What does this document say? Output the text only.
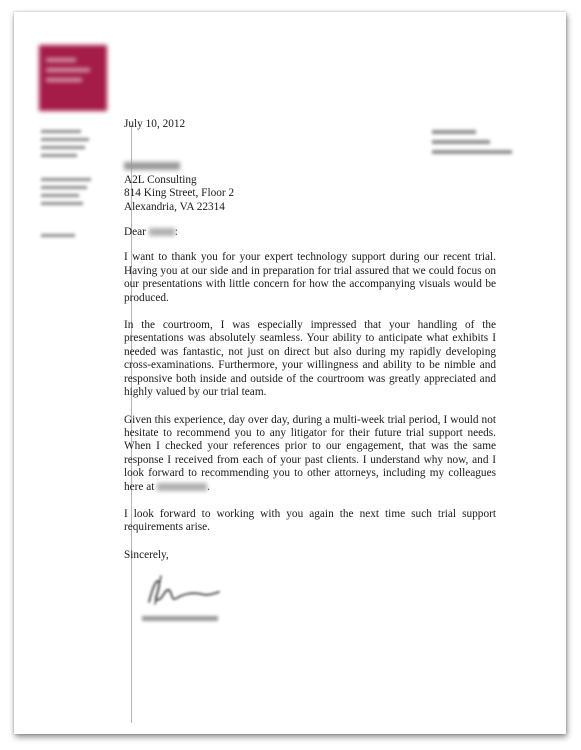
July 10, 2012
A2L Consulting
814 King Street, Floor 2
Alexandria, VA 22314
Dear	:

I want to thank you for your expert technology support during our recent trial. Having you at our side and in preparation for trial assured that we could focus on our presentations with little concern for how the accompanying visuals would be produced.

In the courtroom, I was especially impressed that your handling of the presentations was absolutely seamless. Your ability to anticipate what exhibits I needed was fantastic, not just on direct but also during my rapidly developing cross-examinations. Furthermore, your willingness and ability to be nimble and responsive both inside and outside of the courtroom was greatly appreciated and highly valued by our trial team.

Given this experience, day over day, during a multi-week trial period, I would not hesitate to recommend you to any litigator for their future trial support needs. When I checked your references prior to our engagement, that was the same response I received from each of your past clients. I understand why now, and I look forward to recommending you to other attorneys, including my colleagues here at	.

I look forward to working with you again the next time such trial support requirements arise.

Sincerely,
